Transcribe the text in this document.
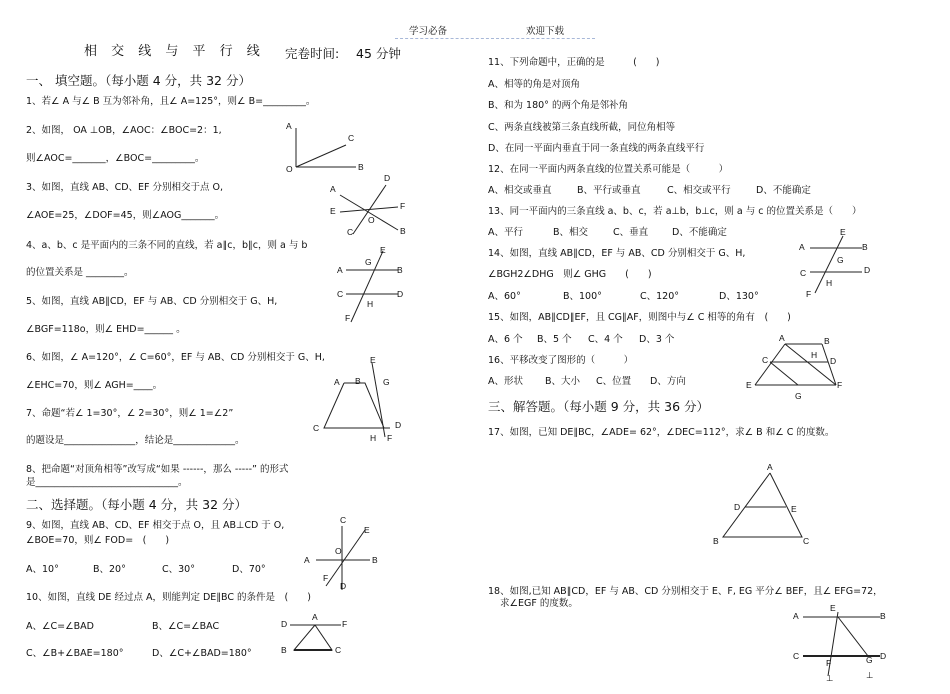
学习必备	欢迎下载
相 交 线 与 平 行 线 完卷时间: 45 分钟
一、 填空题。（每小题 4 分，共 32 分）
1、若∠ A 与∠ B 互为邻补角，且∠ A=125°，则∠ B=_________。
2、如图， OA ⊥OB，∠AOC：∠BOC=2：1,
则∠AOC=_______，∠BOC=_________。
3、如图，直线 AB、CD、EF 分别相交于点 O,
∠AOE=25，∠DOF=45，则∠AOG_______。
4、a、b、c 是平面内的三条不同的直线，若 a∥c，b∥c，则 a 与 b
的位置关系是 ________。
5、如图，直线 AB∥CD，EF 与 AB、CD 分别相交于 G、H,
∠BGF=118o，则∠ EHD=______ 。
6、如图，∠ A=120°，∠ C=60°，EF 与 AB、CD 分别相交于 G、H,
∠EHC=70，则∠ AGH=____。
7、命题“若∠ 1=30°，∠ 2=30°，则∠ 1=∠2”
的题设是_______________，结论是_____________。
8、把命题“对顶角相等”改写成“如果 ------，那么 -----” 的形式
是______________________________。
二、选择题。（每小题 4 分，共 32 分）
9、如图，直线 AB、CD、EF 相交于点 O，且 AB⊥CD 于 O,
∠BOE=70，则∠ FOD=　(　　)
A、10°	B、20°	C、30°	D、70°
10、如图，直线 DE 经过点 A，则能判定 DE∥BC 的条件是　(　　)
A、∠C=∠BAD	B、∠C=∠BAC
C、∠B+∠BAE=180°	D、∠C+∠BAD=180°
11、下列命题中，正确的是　　　(　　)
A、相等的角是对顶角
B、和为 180° 的两个角是邻补角
C、两条直线被第三条直线所截，同位角相等
D、在同一平面内垂直于同一条直线的两条直线平行
12、在同一平面内两条直线的位置关系可能是（　　　）
A、相交或垂直	B、平行或垂直	C、相交或平行	D、不能确定
13、同一平面内的三条直线 a、b、c，若 a⊥b，b⊥c，则 a 与 c 的位置关系是（　　）
A、平行	B、相交	C、垂直	D、不能确定
14、如图，直线 AB∥CD，EF 与 AB、CD 分别相交于 G、H,
∠BGH2∠DHG　则∠ GHG　　(　　)
A、60°	B、100°	C、120°	D、130°
15、如图，AB∥CD∥EF，且 CG∥AF，则图中与∠ C 相等的角有　(　　)
A、6 个 B、5 个 C、4 个 D、3 个
16、平移改变了图形的（　　　）
A、形状 B、大小 C、位置 D、方向
三、解答题。（每小题 9 分，共 36 分）
17、如图，已知 DE∥BC，∠ADE= 62°，∠DEC=112°，求∠ B 和∠ C 的度数。
18、如图,已知 AB∥CD，EF 与 AB、CD 分别相交于 E、F, EG 平分∠ BEF，且∠ EFG=72，
求∠EGF 的度数。
A
C
O	B
A
D
E	F
O
B
C
E
G
A	B
C	D
H
F
E
A B	G
C	D
H F
C
E
A
O
B
F
D
D
A
F
B	C
E
A	B
G
C	D
H
F
A	B
C	H
D
E	F
G
A
D	E
B	C
E
A	B
C
F	G D
⊥	⊥
